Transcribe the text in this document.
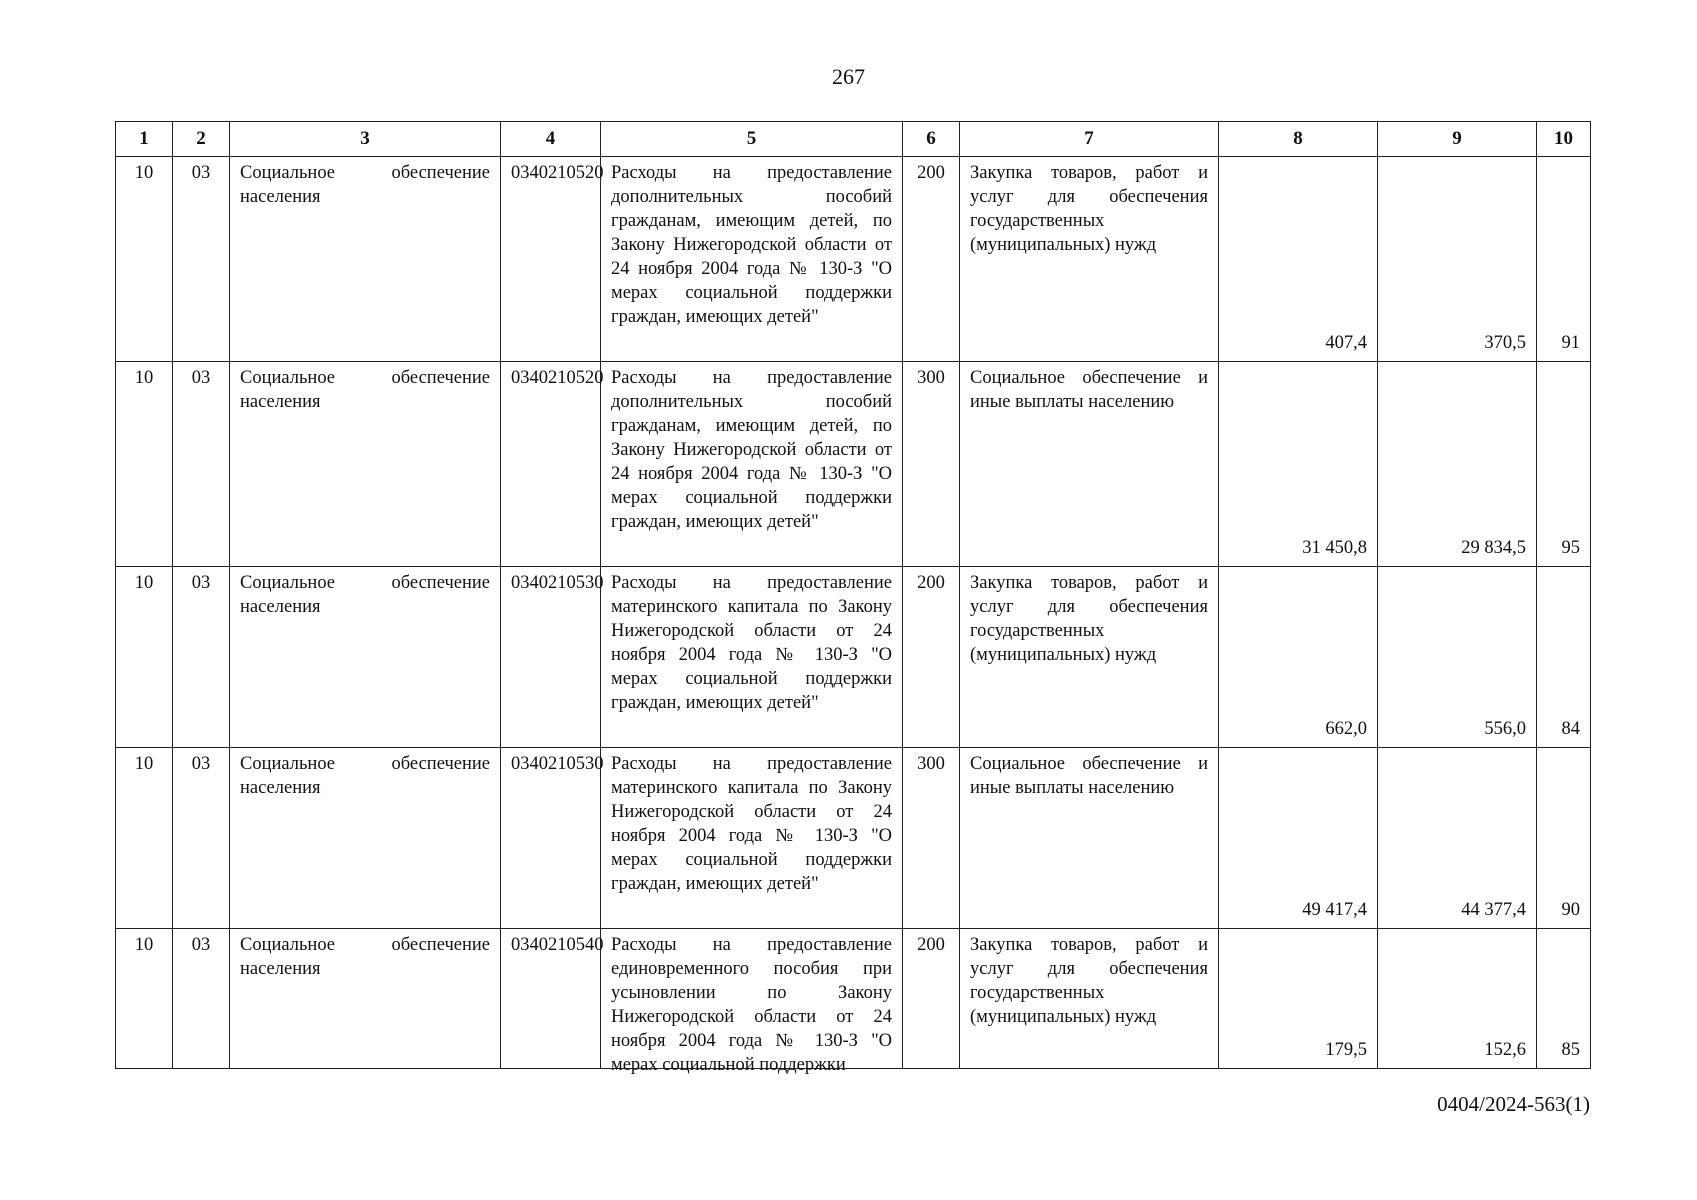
267
1	2	3	4	5	6	7	8	9	10
10	03	Социальное обеспечение населения	0340210520	Расходы на предоставление дополнительных пособий гражданам, имеющим детей, по Закону Нижегородской области от 24 ноября 2004 года № 130-З "О мерах социальной поддержки граждан, имеющих детей"	200	Закупка товаров, работ и услуг для обеспечения государственных (муниципальных) нужд	407,4	370,5	91
10	03	Социальное обеспечение населения	0340210520	Расходы на предоставление дополнительных пособий гражданам, имеющим детей, по Закону Нижегородской области от 24 ноября 2004 года № 130-З "О мерах социальной поддержки граждан, имеющих детей"	300	Социальное обеспечение и иные выплаты населению	31 450,8	29 834,5	95
10	03	Социальное обеспечение населения	0340210530	Расходы на предоставление материнского капитала по Закону Нижегородской области от 24 ноября 2004 года № 130-З "О мерах социальной поддержки граждан, имеющих детей"	200	Закупка товаров, работ и услуг для обеспечения государственных (муниципальных) нужд	662,0	556,0	84
10	03	Социальное обеспечение населения	0340210530	Расходы на предоставление материнского капитала по Закону Нижегородской области от 24 ноября 2004 года № 130-З "О мерах социальной поддержки граждан, имеющих детей"	300	Социальное обеспечение и иные выплаты населению	49 417,4	44 377,4	90
10	03	Социальное обеспечение населения	0340210540	Расходы на предоставление единовременного пособия при усыновлении по Закону Нижегородской области от 24 ноября 2004 года № 130-З "О мерах социальной поддержки	200	Закупка товаров, работ и услуг для обеспечения государственных (муниципальных) нужд	179,5	152,6	85
0404/2024-563(1)
